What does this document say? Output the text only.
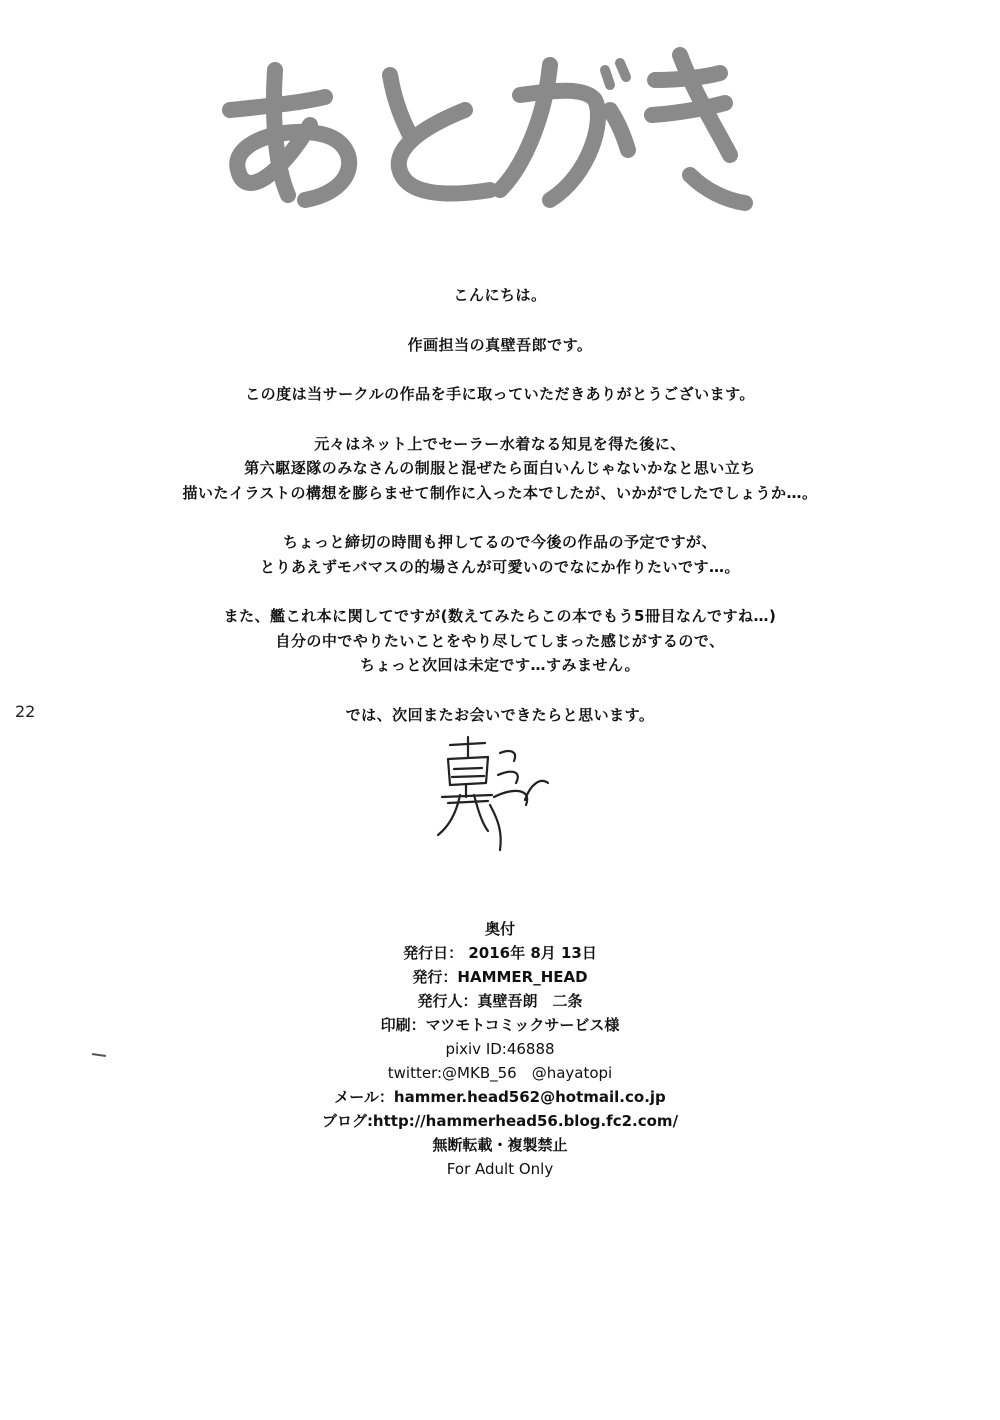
こんにちは。

作画担当の真壁吾郎です。

この度は当サークルの作品を手に取っていただきありがとうございます。

元々はネット上でセーラー水着なる知見を得た後に、
第六駆逐隊のみなさんの制服と混ぜたら面白いんじゃないかなと思い立ち
描いたイラストの構想を膨らませて制作に入った本でしたが、いかがでしたでしょうか…。

ちょっと締切の時間も押してるので今後の作品の予定ですが、
とりあえずモバマスの的場さんが可愛いのでなにか作りたいです…。

また、艦これ本に関してですが(数えてみたらこの本でもう5冊目なんですね…)
自分の中でやりたいことをやり尽してしまった感じがするので、
ちょっと次回は未定です…すみません。

では、次回またお会いできたらと思います。

22
奥付
発行日： 2016年 8月 13日
発行：HAMMER_HEAD
発行人：真壁吾朗　二条
印刷：マツモトコミックサービス様
pixiv ID:46888
twitter:@MKB_56　@hayatopi
メール：hammer.head562@hotmail.co.jp
ブログ:http://hammerhead56.blog.fc2.com/
無断転載・複製禁止
For Adult Only
